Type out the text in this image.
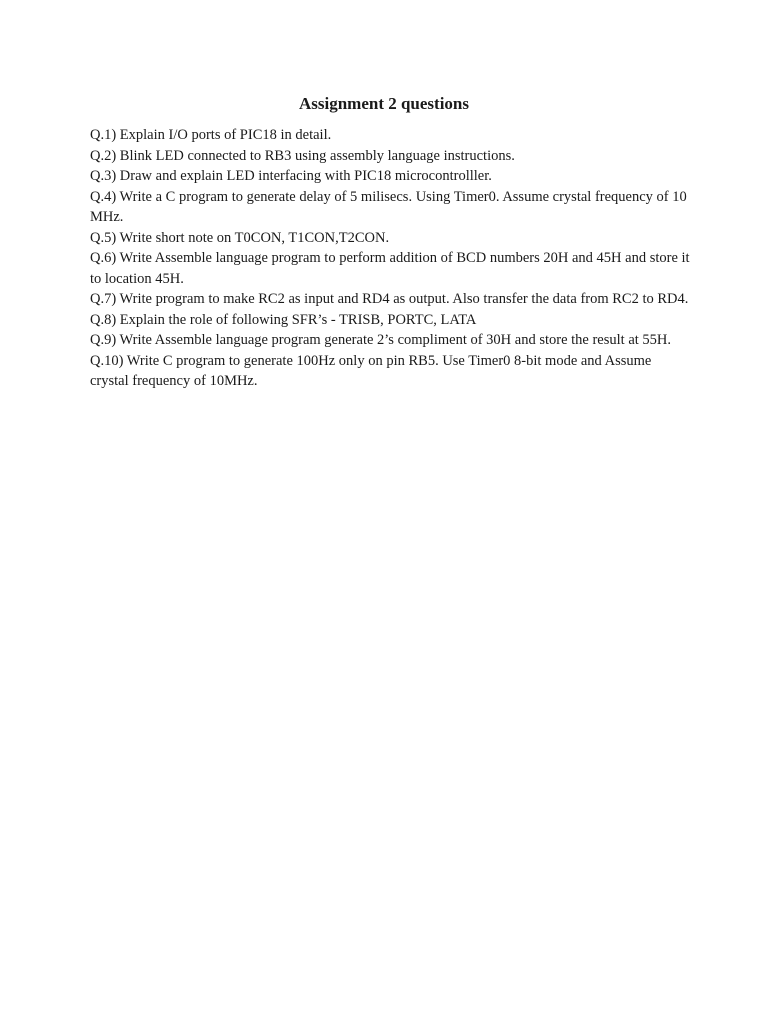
Assignment 2 questions
Q.1) Explain I/O ports of PIC18 in detail.
Q.2) Blink LED connected to RB3 using assembly language instructions.
Q.3) Draw and explain LED interfacing with PIC18 microcontrolller.
Q.4) Write a C program to generate delay of 5 milisecs. Using Timer0. Assume crystal frequency of 10 MHz.
Q.5) Write short note on T0CON, T1CON,T2CON.
Q.6) Write Assemble language program to perform addition of BCD numbers 20H and 45H and store it to location 45H.
Q.7) Write program to make RC2 as input and RD4 as output. Also transfer the data from RC2 to RD4.
Q.8) Explain the role of following SFR’s - TRISB, PORTC, LATA
Q.9) Write Assemble language program generate 2’s compliment of 30H and store the result at 55H.
Q.10) Write C program to generate 100Hz only on pin RB5. Use Timer0 8-bit mode and Assume crystal frequency of 10MHz.
